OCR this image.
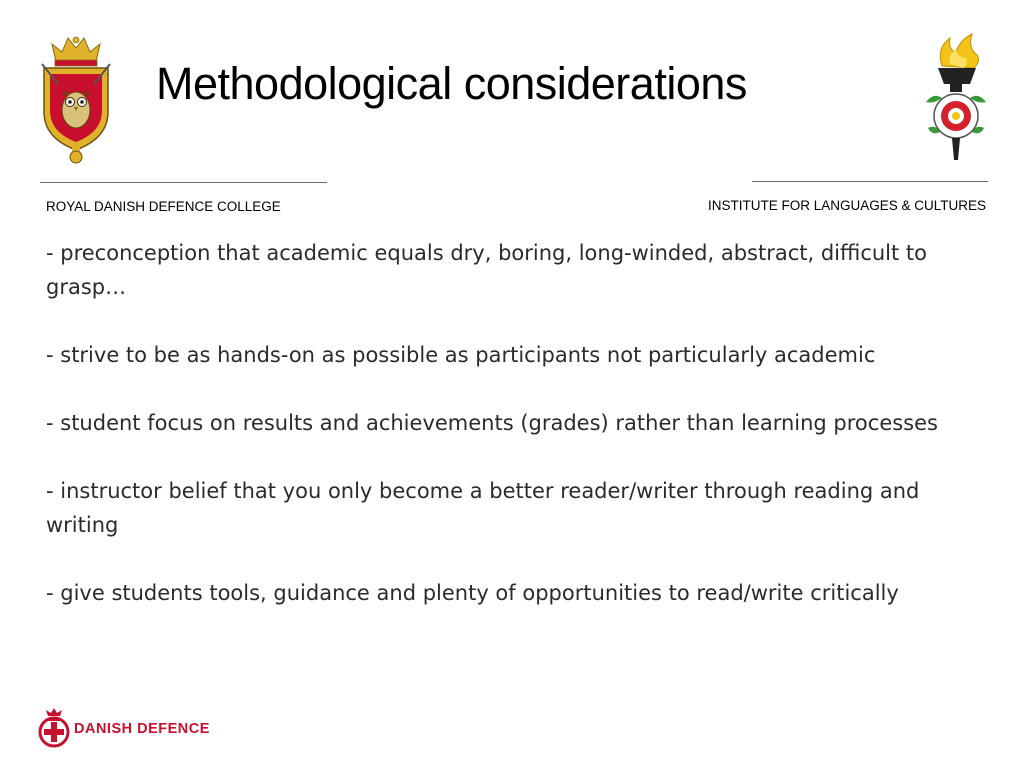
Methodological considerations
ROYAL DANISH DEFENCE COLLEGE	INSTITUTE FOR LANGUAGES & CULTURES
- preconception that academic equals dry, boring, long-winded, abstract, difficult to grasp…
- strive to be as hands-on as possible as participants not particularly academic
- student focus on results and achievements (grades) rather than learning processes
- instructor belief that you only become a better reader/writer through reading and writing
- give students tools, guidance and plenty of opportunities to read/write critically
DANISH DEFENCE
